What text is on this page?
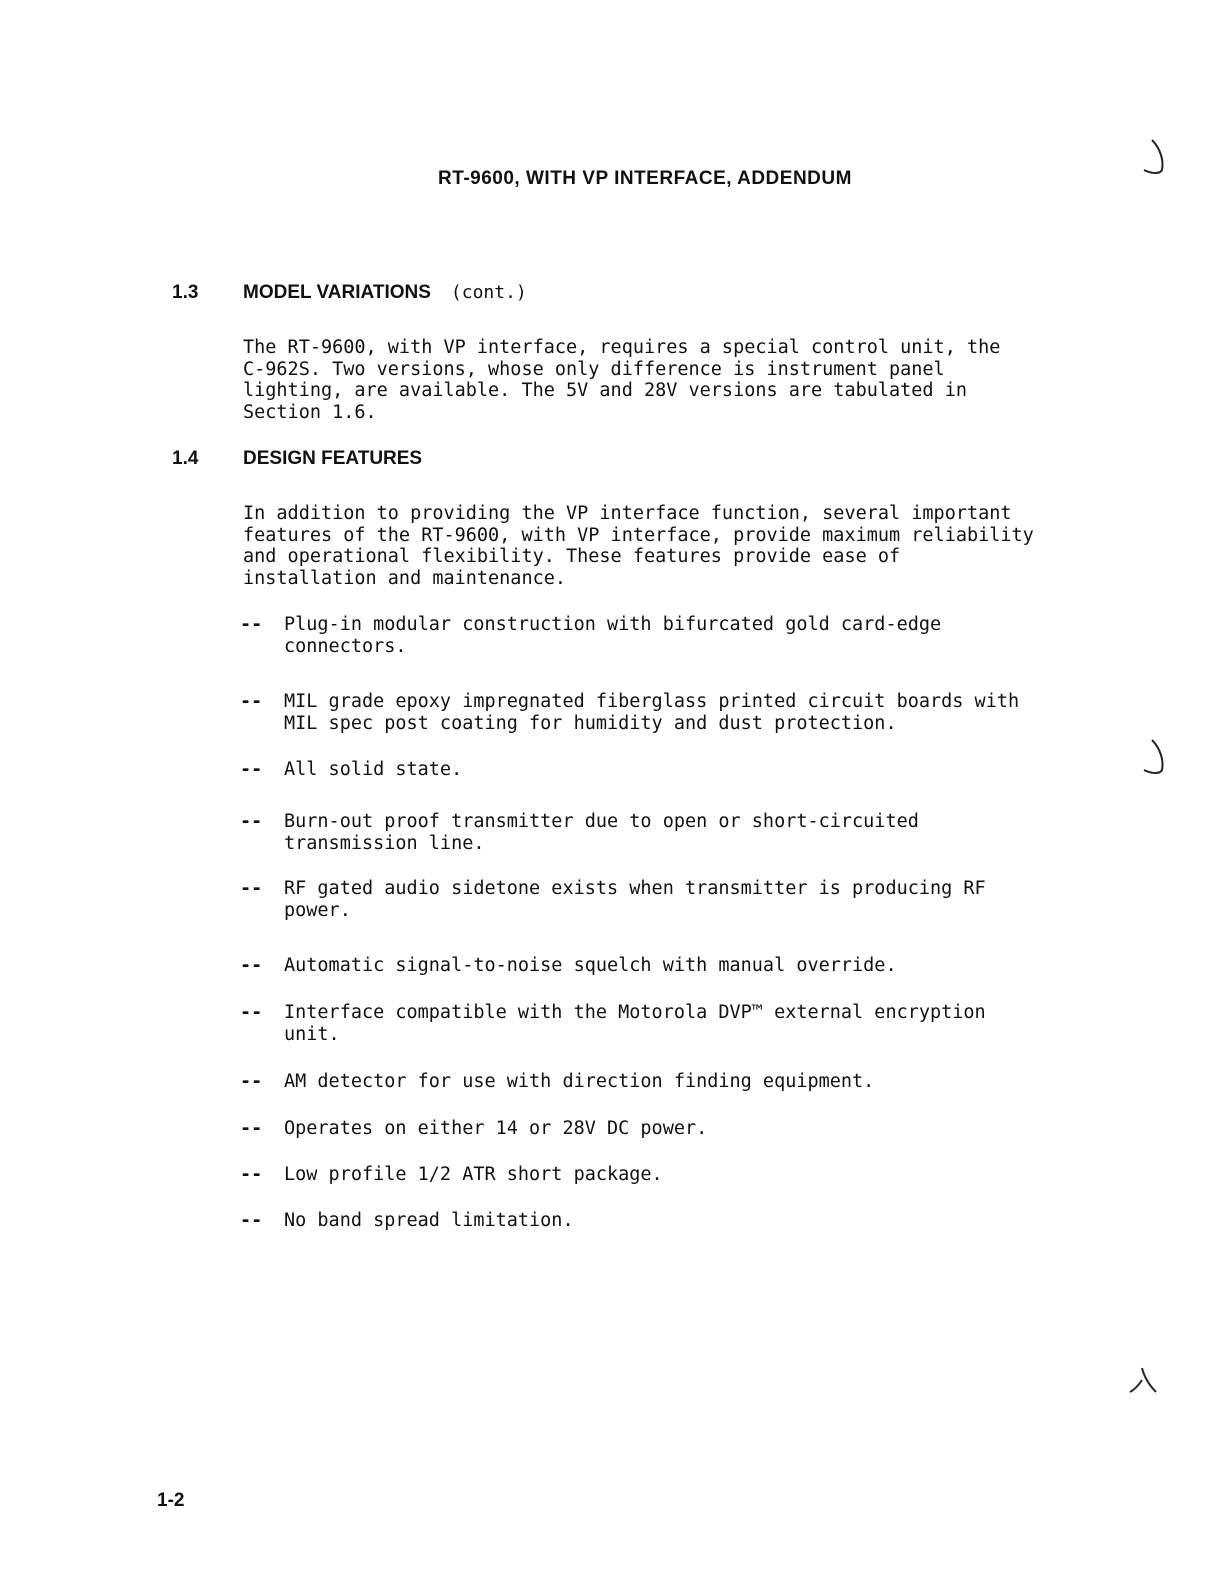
RT-9600, WITH VP INTERFACE, ADDENDUM
1.3 MODEL VARIATIONS (cont.)
The RT-9600, with VP interface, requires a special control unit, the
C-962S. Two versions, whose only difference is instrument panel
lighting, are available. The 5V and 28V versions are tabulated in
Section 1.6.
1.4 DESIGN FEATURES
In addition to providing the VP interface function, several important
features of the RT-9600, with VP interface, provide maximum reliability
and operational flexibility. These features provide ease of
installation and maintenance.
-- Plug-in modular construction with bifurcated gold card-edge
connectors.
-- MIL grade epoxy impregnated fiberglass printed circuit boards with
MIL spec post coating for humidity and dust protection.
-- All solid state.
-- Burn-out proof transmitter due to open or short-circuited
transmission line.
-- RF gated audio sidetone exists when transmitter is producing RF
power.
-- Automatic signal-to-noise squelch with manual override.
-- Interface compatible with the Motorola DVP™ external encryption
unit.
-- AM detector for use with direction finding equipment.
-- Operates on either 14 or 28V DC power.
-- Low profile 1/2 ATR short package.
-- No band spread limitation.
1-2
